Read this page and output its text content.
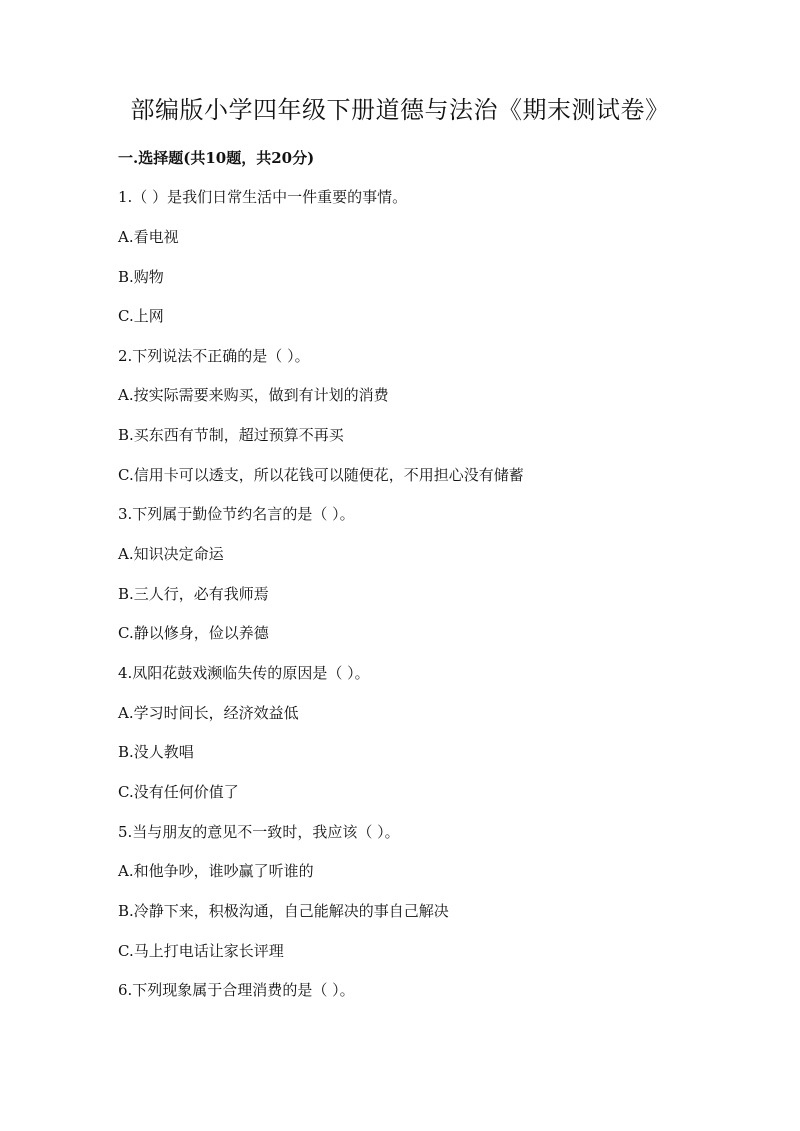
部编版小学四年级下册道德与法治《期末测试卷》
一.选择题(共10题，共20分)
1.（ ）是我们日常生活中一件重要的事情。
A.看电视
B.购物
C.上网
2.下列说法不正确的是（ ）。
A.按实际需要来购买，做到有计划的消费
B.买东西有节制，超过预算不再买
C.信用卡可以透支，所以花钱可以随便花，不用担心没有储蓄
3.下列属于勤俭节约名言的是（ ）。
A.知识决定命运
B.三人行，必有我师焉
C.静以修身，俭以养德
4.凤阳花鼓戏濒临失传的原因是（ ）。
A.学习时间长，经济效益低
B.没人教唱
C.没有任何价值了
5.当与朋友的意见不一致时，我应该（ ）。
A.和他争吵，谁吵赢了听谁的
B.冷静下来，积极沟通，自己能解决的事自己解决
C.马上打电话让家长评理
6.下列现象属于合理消费的是（ ）。
